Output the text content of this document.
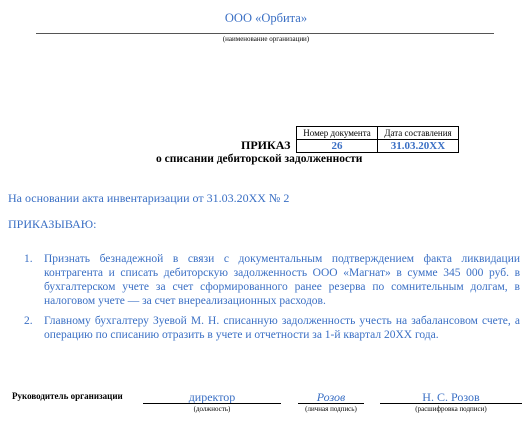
ООО «Орбита»
(наименование организации)
Номер документа	Дата составления
26	31.03.20XX
ПРИКАЗ
о списании дебиторской задолженности
На основании акта инвентаризации от 31.03.20XX № 2
ПРИКАЗЫВАЮ:
1. Признать безнадежной в связи с документальным подтверждением факта ликвидации контрагента и списать дебиторскую задолженность ООО «Магнат» в сумме 345 000 руб. в бухгалтерском учете за счет сформированного ранее резерва по сомнительным долгам, в налоговом учете — за счет внереализационных расходов.
2. Главному бухгалтеру Зуевой М. Н. списанную задолженность учесть на забалансовом счете, а операцию по списанию отразить в учете и отчетности за 1-й квартал 20XX года.
Руководитель организации	директор
(должность)
Розов
(личная подпись)
Н. С. Розов
(расшифровка подписи)
